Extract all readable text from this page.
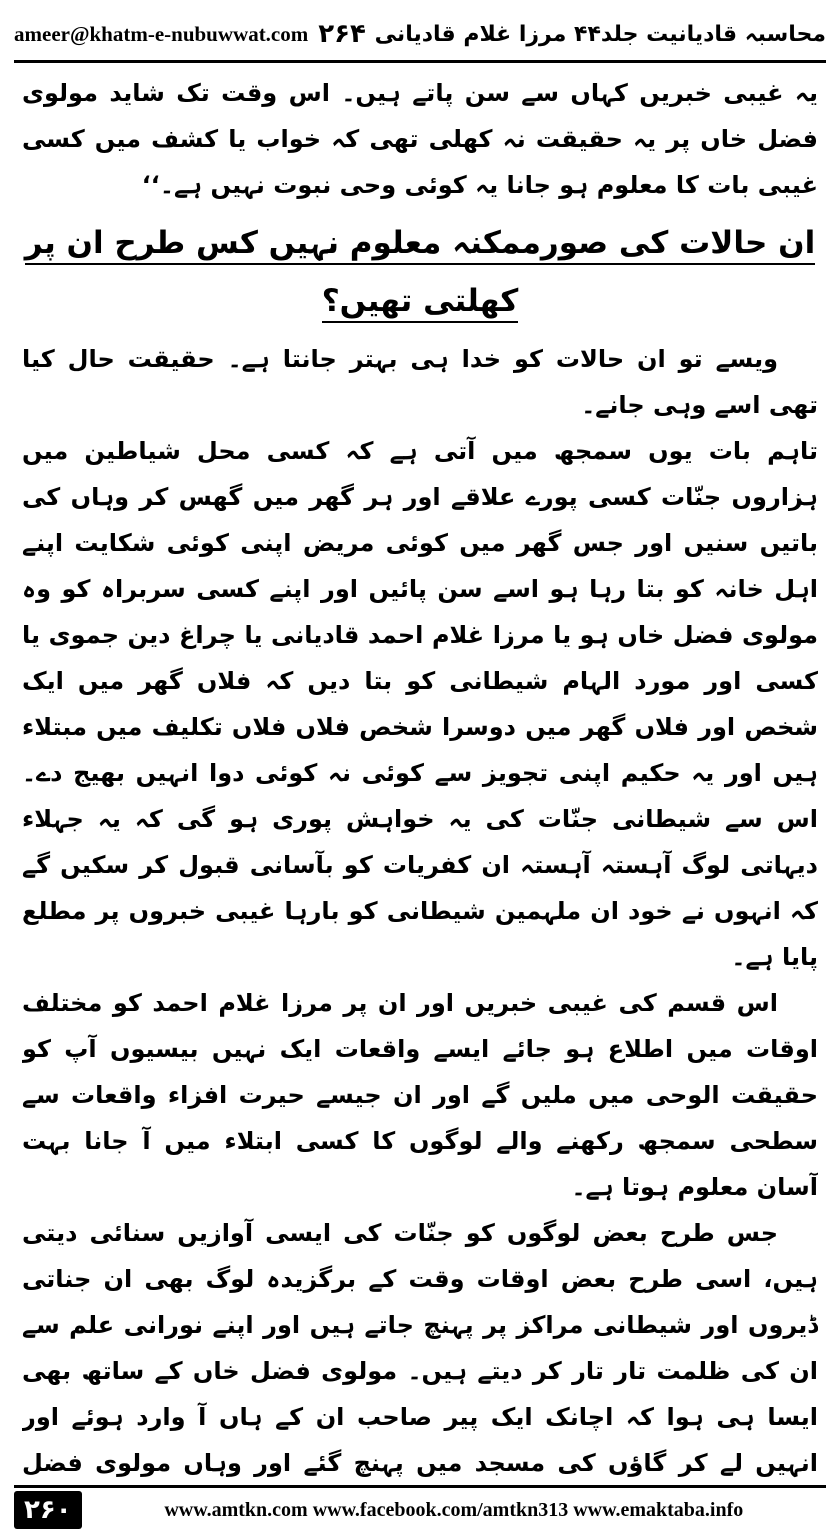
ameer@khatm-e-nubuwwat.com ۲۶۴ محاسبہ قادیانیت جلد۴۴ مرزا غلام قادیانی

یہ غیبی خبریں کہاں سے سن پاتے ہیں۔ اس وقت تک شاید مولوی فضل خاں پر یہ حقیقت نہ کھلی تھی کہ خواب یا کشف میں کسی غیبی بات کا معلوم ہو جانا یہ کوئی وحی نبوت نہیں ہے۔‘‘

ان حالات کی صورممکنہ معلوم نہیں کس طرح ان پر کھلتی تھیں؟

ویسے تو ان حالات کو خدا ہی بہتر جانتا ہے۔ حقیقت حال کیا تھی اسے وہی جانے۔

تاہم بات یوں سمجھ میں آتی ہے کہ کسی محل شیاطین میں ہزاروں جنّات کسی پورے علاقے اور ہر گھر میں گھس کر وہاں کی باتیں سنیں اور جس گھر میں کوئی مریض اپنی کوئی شکایت اپنے اہل خانہ کو بتا رہا ہو اسے سن پائیں اور اپنے کسی سربراہ کو وہ مولوی فضل خاں ہو یا مرزا غلام احمد قادیانی یا چراغ دین جموی یا کسی اور مورد الہام شیطانی کو بتا دیں کہ فلاں گھر میں ایک شخص اور فلاں گھر میں دوسرا شخص فلاں فلاں تکلیف میں مبتلاء ہیں اور یہ حکیم اپنی تجویز سے کوئی نہ کوئی دوا انہیں بھیج دے۔ اس سے شیطانی جنّات کی یہ خواہش پوری ہو گی کہ یہ جہلاء دیہاتی لوگ آہستہ آہستہ ان کفریات کو بآسانی قبول کر سکیں گے کہ انہوں نے خود ان ملہمین شیطانی کو بارہا غیبی خبروں پر مطلع پایا ہے۔

اس قسم کی غیبی خبریں اور ان پر مرزا غلام احمد کو مختلف اوقات میں اطلاع ہو جائے ایسے واقعات ایک نہیں بیسیوں آپ کو حقیقت الوحی میں ملیں گے اور ان جیسے حیرت افزاء واقعات سے سطحی سمجھ رکھنے والے لوگوں کا کسی ابتلاء میں آ جانا بہت آسان معلوم ہوتا ہے۔

جس طرح بعض لوگوں کو جنّات کی ایسی آوازیں سنائی دیتی ہیں، اسی طرح بعض اوقات وقت کے برگزیدہ لوگ بھی ان جناتی ڈیروں اور شیطانی مراکز پر پہنچ جاتے ہیں اور اپنے نورانی علم سے ان کی ظلمت تار تار کر دیتے ہیں۔ مولوی فضل خاں کے ساتھ بھی ایسا ہی ہوا کہ اچانک ایک پیر صاحب ان کے ہاں آ وارد ہوئے اور انہیں لے کر گاؤں کی مسجد میں پہنچ گئے اور وہاں مولوی فضل

۲۶۰	www.amtkn.com www.facebook.com/amtkn313 www.emaktaba.info
